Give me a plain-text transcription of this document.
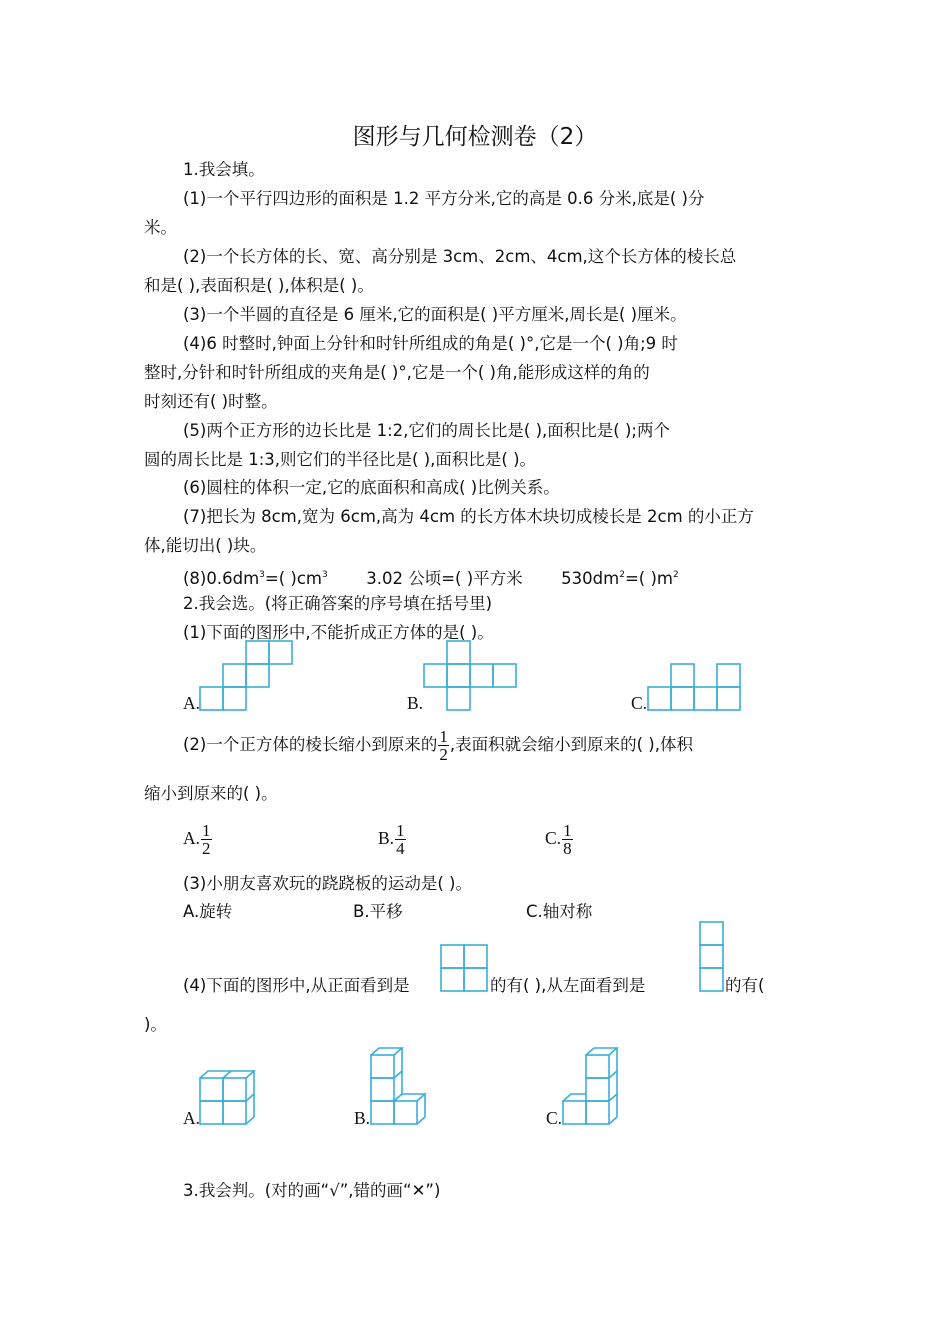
图形与几何检测卷（2）
1.我会填。
(1)一个平行四边形的面积是 1.2 平方分米,它的高是 0.6 分米,底是( )分
米。
(2)一个长方体的长、宽、高分别是 3cm、2cm、4cm,这个长方体的棱长总
和是( ),表面积是( ),体积是( )。
(3)一个半圆的直径是 6 厘米,它的面积是( )平方厘米,周长是( )厘米。
(4)6 时整时,钟面上分针和时针所组成的角是( )°,它是一个( )角;9 时
整时,分针和时针所组成的夹角是( )°,它是一个( )角,能形成这样的角的
时刻还有( )时整。
(5)两个正方形的边长比是 1:2,它们的周长比是( ),面积比是( );两个
圆的周长比是 1:3,则它们的半径比是( ),面积比是( )。
(6)圆柱的体积一定,它的底面积和高成( )比例关系。
(7)把长为 8cm,宽为 6cm,高为 4cm 的长方体木块切成棱长是 2cm 的小正方
体,能切出( )块。
$(8)0.6dm^3=$( )$cm^3$ 3.02 公顷=( )平方米 $530dm^2=$( )$m^2$
2.我会选。(将正确答案的序号填在括号里)
(1)下面的图形中,不能折成正方体的是( )。
A.	B.	C.
(2)一个正方体的棱长缩小到原来的 $\frac{1}{2}$ ,表面积就会缩小到原来的( ),体积
缩小到原来的( )。
A. $\frac{1}{2}$	B. $\frac{1}{4}$	C. $\frac{1}{8}$
(3)小朋友喜欢玩的跷跷板的运动是( )。
A.旋转	B.平移	C.轴对称
(4)下面的图形中,从正面看到是	的有( ),从左面看到是	的有(
)。
A.	B.	C.
3.我会判。(对的画“√”,错的画“✕”)
